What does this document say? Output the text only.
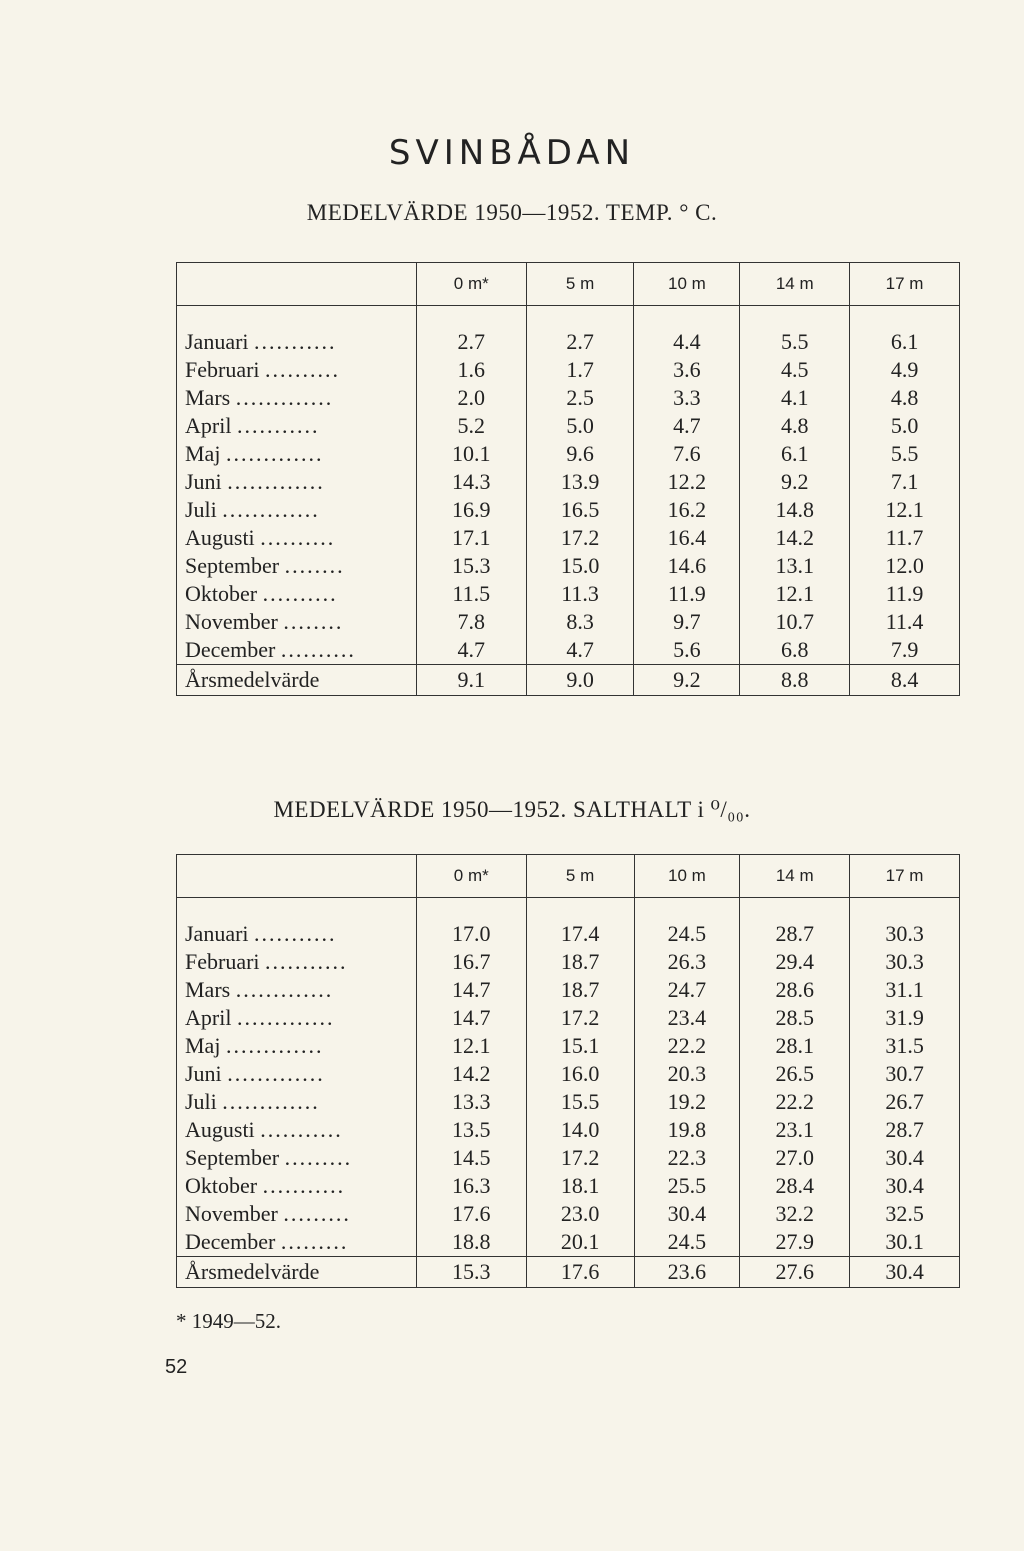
SVINBÅDAN
MEDELVÄRDE 1950—1952. TEMP. ° C.
	0 m*	5 m	10 m	14 m	17 m

Januari ...........	2.7	2.7	4.4	5.5	6.1
Februari ..........	1.6	1.7	3.6	4.5	4.9
Mars .............	2.0	2.5	3.3	4.1	4.8
April ...........	5.2	5.0	4.7	4.8	5.0
Maj .............	10.1	9.6	7.6	6.1	5.5
Juni .............	14.3	13.9	12.2	9.2	7.1
Juli .............	16.9	16.5	16.2	14.8	12.1
Augusti ..........	17.1	17.2	16.4	14.2	11.7
September ........	15.3	15.0	14.6	13.1	12.0
Oktober ..........	11.5	11.3	11.9	12.1	11.9
November ........	7.8	8.3	9.7	10.7	11.4
December ..........	4.7	4.7	5.6	6.8	7.9
Årsmedelvärde	9.1	9.0	9.2	8.8	8.4
MEDELVÄRDE 1950—1952. SALTHALT i ⁰/₀₀.
	0 m*	5 m	10 m	14 m	17 m

Januari ...........	17.0	17.4	24.5	28.7	30.3
Februari ...........	16.7	18.7	26.3	29.4	30.3
Mars .............	14.7	18.7	24.7	28.6	31.1
April .............	14.7	17.2	23.4	28.5	31.9
Maj .............	12.1	15.1	22.2	28.1	31.5
Juni .............	14.2	16.0	20.3	26.5	30.7
Juli .............	13.3	15.5	19.2	22.2	26.7
Augusti ...........	13.5	14.0	19.8	23.1	28.7
September .........	14.5	17.2	22.3	27.0	30.4
Oktober ...........	16.3	18.1	25.5	28.4	30.4
November .........	17.6	23.0	30.4	32.2	32.5
December .........	18.8	20.1	24.5	27.9	30.1
Årsmedelvärde	15.3	17.6	23.6	27.6	30.4
* 1949—52.
52
